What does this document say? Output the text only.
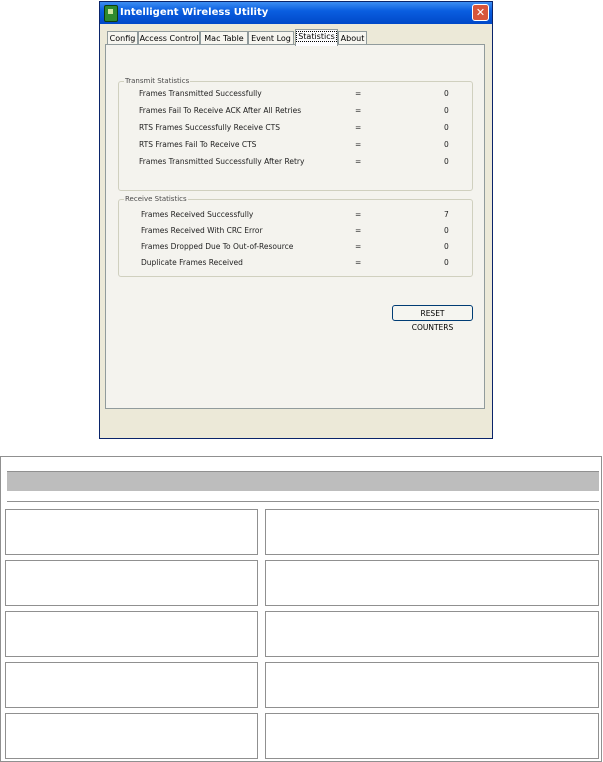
Intelligent Wireless Utility	✕
Config Access Control Mac Table Event Log Statistics About
Transmit Statistics
Frames Transmitted Successfully	=	0
Frames Fail To Receive ACK After All Retries	=	0
RTS Frames Successfully Receive CTS	=	0
RTS Frames Fail To Receive CTS	=	0
Frames Transmitted Successfully After Retry	=	0
Receive Statistics
Frames Received Successfully	=	7
Frames Received With CRC Error	=	0
Frames Dropped Due To Out-of-Resource	=	0
Duplicate Frames Received	=	0
RESET COUNTERS
